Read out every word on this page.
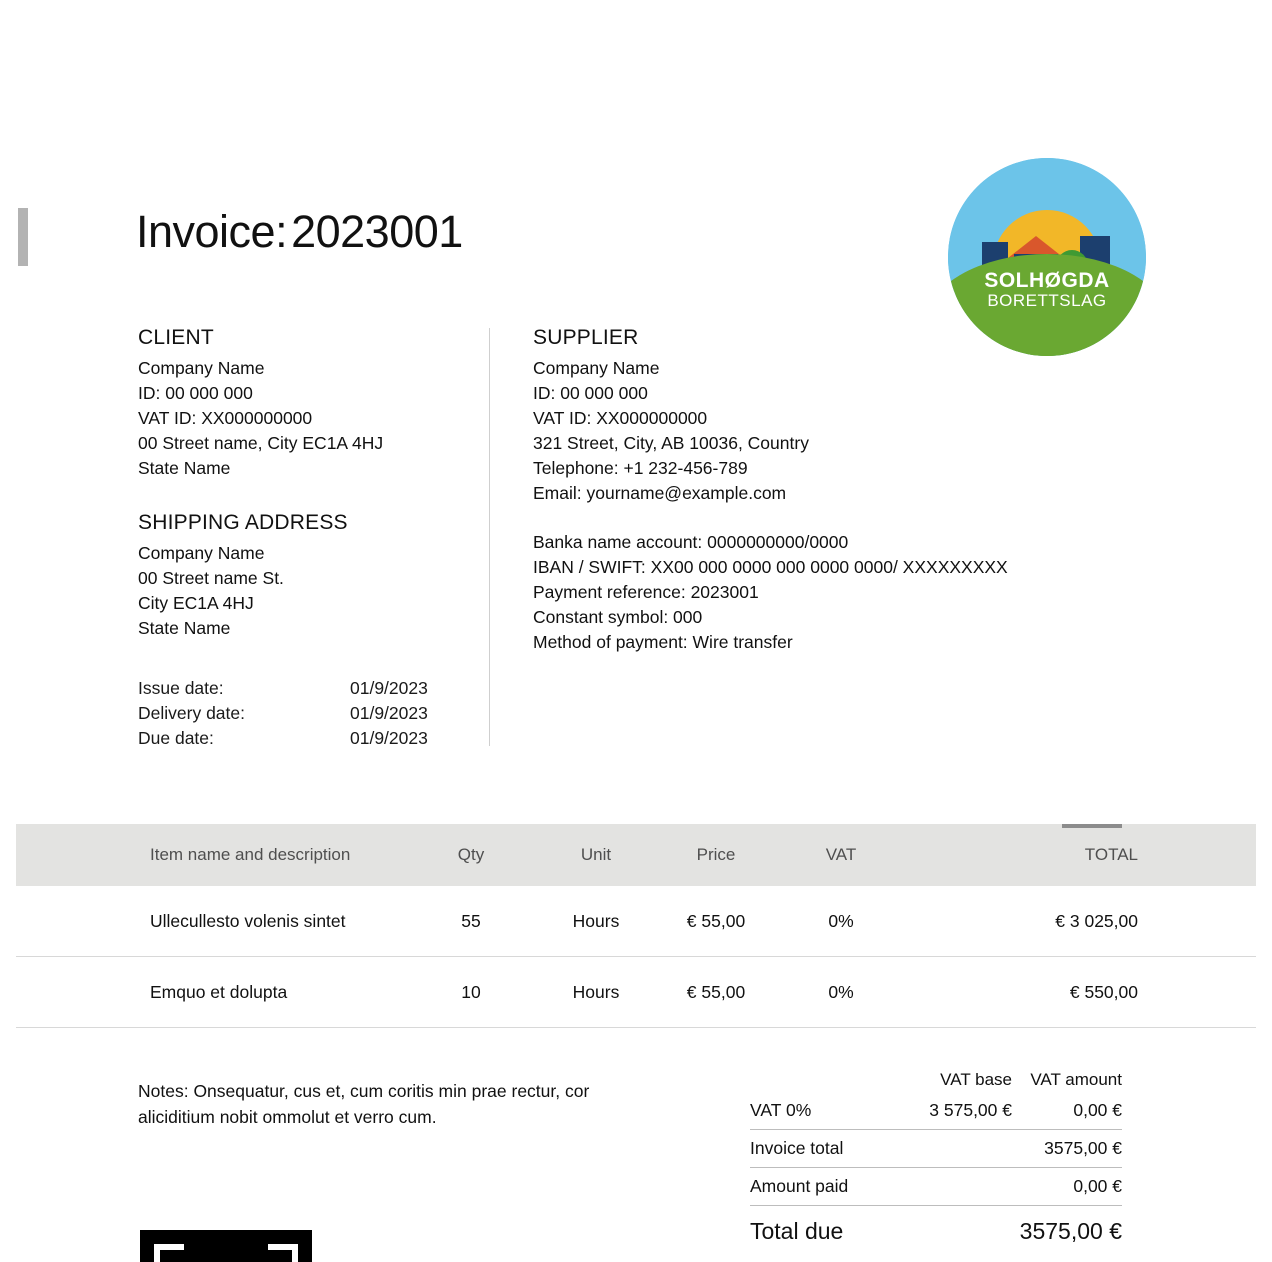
Invoice:2023001
SOLHØGDA
BORETTSLAG
CLIENT
Company Name
ID: 00 000 000
VAT ID: XX000000000
00 Street name, City EC1A 4HJ
State Name
SHIPPING ADDRESS
Company Name
00 Street name St.
City EC1A 4HJ
State Name
SUPPLIER
Company Name
ID: 00 000 000
VAT ID: XX000000000
321 Street, City, AB 10036, Country
Telephone: +1 232-456-789
Email: yourname@example.com
Banka name account: 0000000000/0000
IBAN / SWIFT: XX00 000 0000 000 0000 0000/ XXXXXXXXX
Payment reference: 2023001
Constant symbol: 000
Method of payment: Wire transfer
Issue date:	01/9/2023
Delivery date:	01/9/2023
Due date:	01/9/2023
Item name and description	Qty	Unit	Price	VAT	TOTAL
Ullecullesto volenis sintet	55	Hours	€ 55,00	0%	€ 3 025,00
Emquo et dolupta	10	Hours	€ 55,00	0%	€ 550,00
Notes: Onsequatur, cus et, cum coritis min prae rectur, cor aliciditium nobit ommolut et verro cum.
VAT base	VAT amount
VAT 0%	3 575,00 €	0,00 €
Invoice total	3575,00 €
Amount paid	0,00 €
Total due	3575,00 €
